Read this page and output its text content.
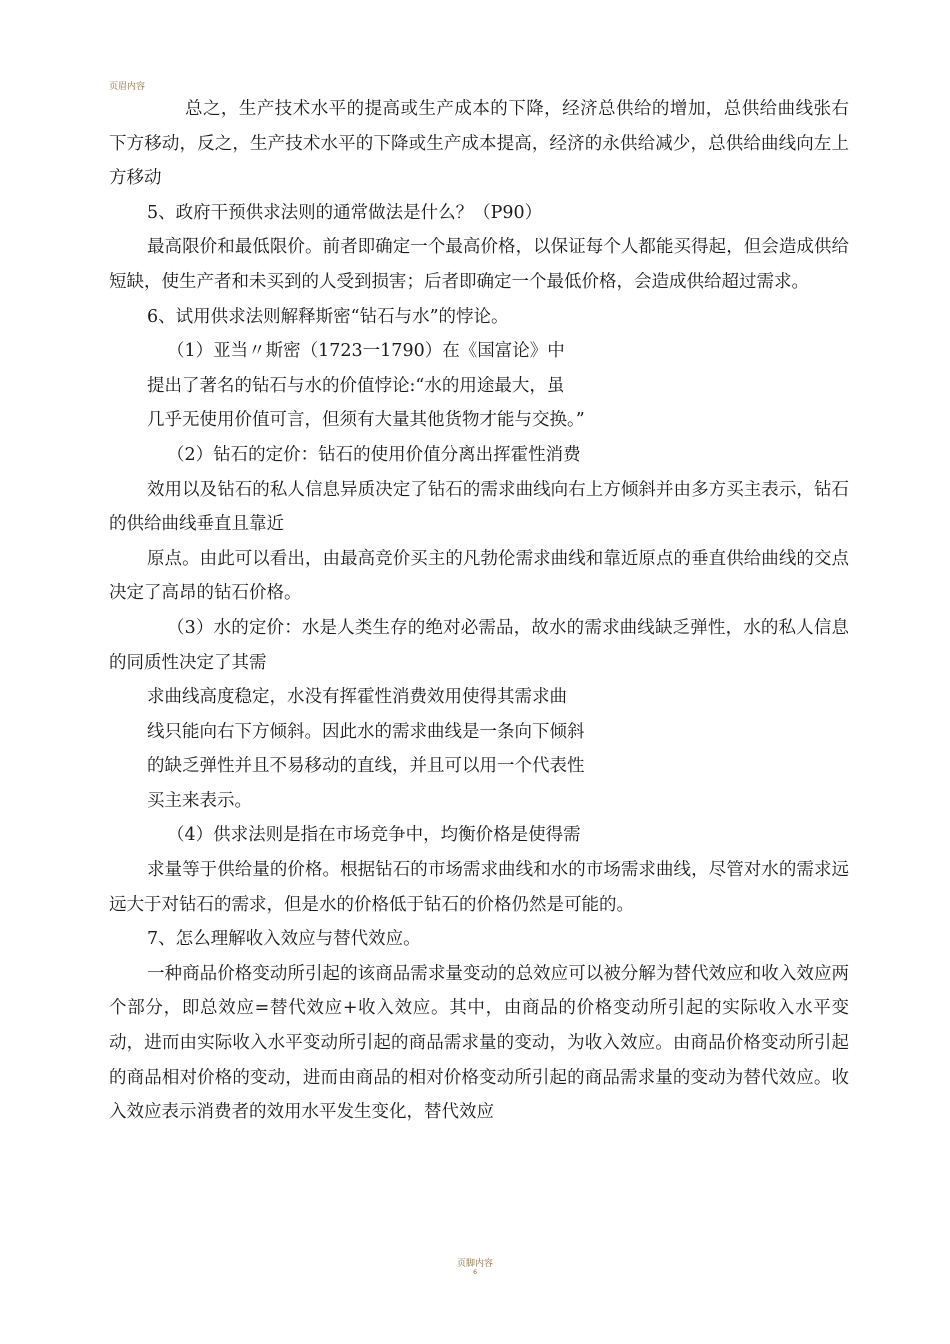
页眉内容

总之，生产技术水平的提高或生产成本的下降，经济总供给的增加，总供给曲线张右下方移动，反之，生产技术水平的下降或生产成本提高，经济的永供给减少，总供给曲线向左上方移动

5、政府干预供求法则的通常做法是什么？（P90）

最高限价和最低限价。前者即确定一个最高价格，以保证每个人都能买得起，但会造成供给短缺，使生产者和未买到的人受到损害；后者即确定一个最低价格，会造成供给超过需求。

6、试用供求法则解释斯密“钻石与水”的悖论。

（1）亚当〃斯密（1723一1790）在《国富论》中

提出了著名的钻石与水的价值悖论:“水的用途最大，虽

几乎无使用价值可言，但须有大量其他货物才能与交换。”

（2）钻石的定价：钻石的使用价值分离出挥霍性消费

效用以及钻石的私人信息异质决定了钻石的需求曲线向右上方倾斜并由多方买主表示，钻石的供给曲线垂直且靠近

原点。由此可以看出，由最高竞价买主的凡勃伦需求曲线和靠近原点的垂直供给曲线的交点决定了高昂的钻石价格。

（3）水的定价：水是人类生存的绝对必需品，故水的需求曲线缺乏弹性，水的私人信息的同质性决定了其需

求曲线高度稳定，水没有挥霍性消费效用使得其需求曲

线只能向右下方倾斜。因此水的需求曲线是一条向下倾斜

的缺乏弹性并且不易移动的直线，并且可以用一个代表性

买主来表示。

（4）供求法则是指在市场竞争中，均衡价格是使得需

求量等于供给量的价格。根据钻石的市场需求曲线和水的市场需求曲线，尽管对水的需求远远大于对钻石的需求，但是水的价格低于钻石的价格仍然是可能的。

7、怎么理解收入效应与替代效应。

一种商品价格变动所引起的该商品需求量变动的总效应可以被分解为替代效应和收入效应两个部分，即总效应=替代效应+收入效应。其中，由商品的价格变动所引起的实际收入水平变动，进而由实际收入水平变动所引起的商品需求量的变动，为收入效应。由商品价格变动所引起的商品相对价格的变动，进而由商品的相对价格变动所引起的商品需求量的变动为替代效应。收入效应表示消费者的效用水平发生变化，替代效应

页脚内容
6
